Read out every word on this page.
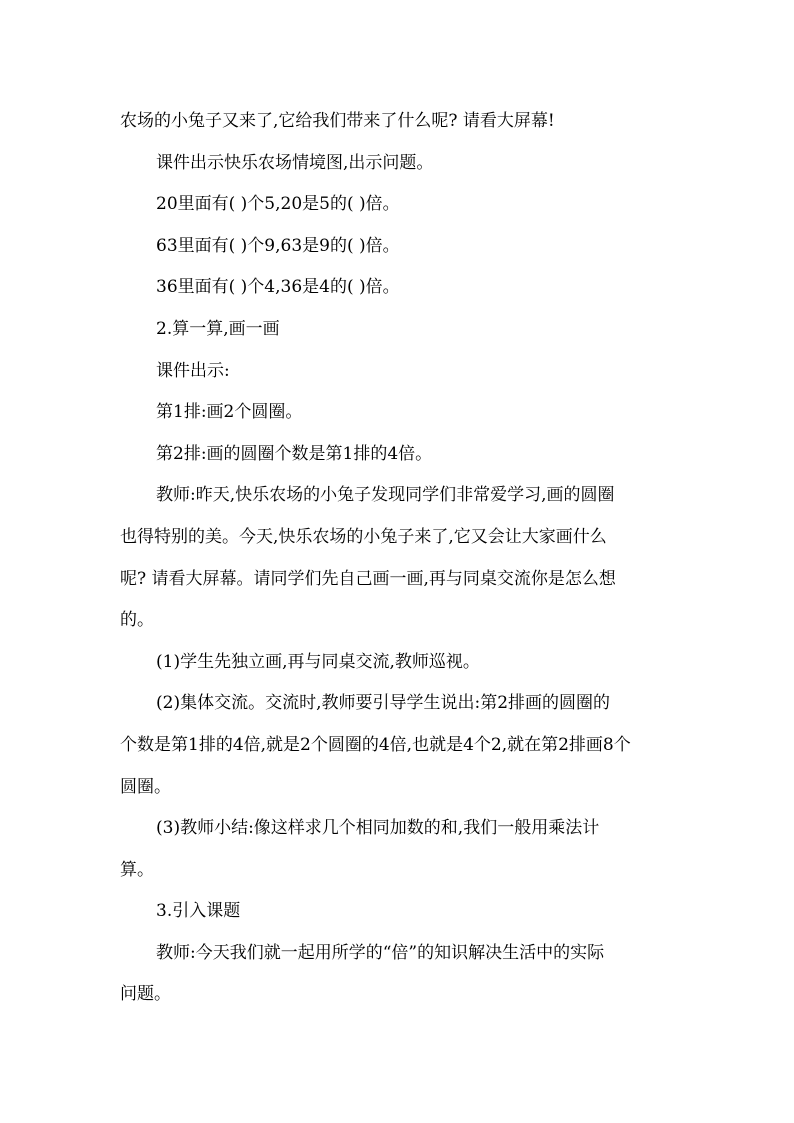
农场的小兔子又来了,它给我们带来了什么呢? 请看大屏幕!

课件出示快乐农场情境图,出示问题。

20里面有( )个5,20是5的( )倍。

63里面有( )个9,63是9的( )倍。

36里面有( )个4,36是4的( )倍。

2.算一算,画一画

课件出示:

第1排:画2个圆圈。

第2排:画的圆圈个数是第1排的4倍。

教师:昨天,快乐农场的小兔子发现同学们非常爱学习,画的圆圈

也得特别的美。今天,快乐农场的小兔子来了,它又会让大家画什么

呢? 请看大屏幕。请同学们先自己画一画,再与同桌交流你是怎么想

的。

(1)学生先独立画,再与同桌交流,教师巡视。

(2)集体交流。交流时,教师要引导学生说出:第2排画的圆圈的

个数是第1排的4倍,就是2个圆圈的4倍,也就是4个2,就在第2排画8个

圆圈。

(3)教师小结:像这样求几个相同加数的和,我们一般用乘法计

算。

3.引入课题

教师:今天我们就一起用所学的“倍”的知识解决生活中的实际

问题。
